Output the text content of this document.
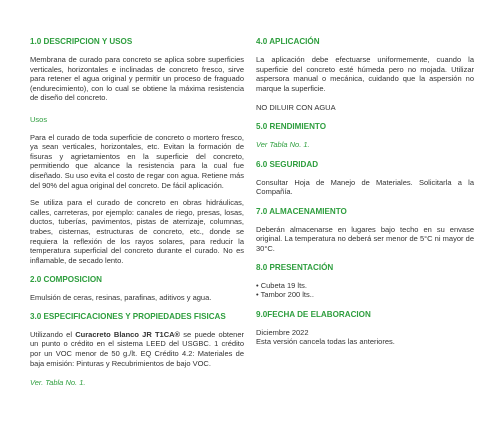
1.0 DESCRIPCION Y USOS

Membrana de curado para concreto se aplica sobre superficies verticales, horizontales e inclinadas de concreto fresco, sirve para retener el agua original y permitir un proceso de fraguado (endurecimiento), con lo cual se obtiene la máxima resistencia de diseño del concreto.

Usos

Para el curado de toda superficie de concreto o mortero fresco, ya sean verticales, horizontales, etc. Evitan la formación de fisuras y agrietamientos en la superficie del concreto, permitiendo que alcance la resistencia para la cual fue diseñado. Su uso evita el costo de regar con agua. Retiene más del 90% del agua original del concreto. De fácil aplicación.

Se utiliza para el curado de concreto en obras hidráulicas, calles, carreteras, por ejemplo: canales de riego, presas, losas, ductos, tuberías, pavimentos, pistas de aterrizaje, columnas, trabes, cisternas, estructuras de concreto, etc., donde se requiera la reflexión de los rayos solares, para reducir la temperatura superficial del concreto durante el curado. No es inflamable, de secado lento.

2.0 COMPOSICION

Emulsión de ceras, resinas, parafinas, aditivos y agua.

3.0 ESPECIFICACIONES Y PROPIEDADES FISICAS

Utilizando el Curacreto Blanco JR T1CA® se puede obtener un punto o crédito en el sistema LEED del USGBC. 1 crédito por un VOC menor de 50 g./lt. EQ Crédito 4.2: Materiales de baja emisión: Pinturas y Recubrimientos de bajo VOC.

Ver. Tabla No. 1.

4.0 APLICACIÓN

La aplicación debe efectuarse uniformemente, cuando la superficie del concreto esté húmeda pero no mojada. Utilizar aspersora manual o mecánica, cuidando que la aspersión no marque la superficie.

NO DILUIR CON AGUA

5.0 RENDIMIENTO

Ver Tabla No. 1.

6.0 SEGURIDAD

Consultar Hoja de Manejo de Materiales. Solicitarla a la Compañía.

7.0 ALMACENAMIENTO

Deberán almacenarse en lugares bajo techo en su envase original. La temperatura no deberá ser menor de 5°C ni mayor de 30°C.

8.0 PRESENTACIÓN
• Cubeta 19 lts.
• Tambor 200 lts..
9.0FECHA DE ELABORACION

Diciembre 2022

Esta versión cancela todas las anteriores.
